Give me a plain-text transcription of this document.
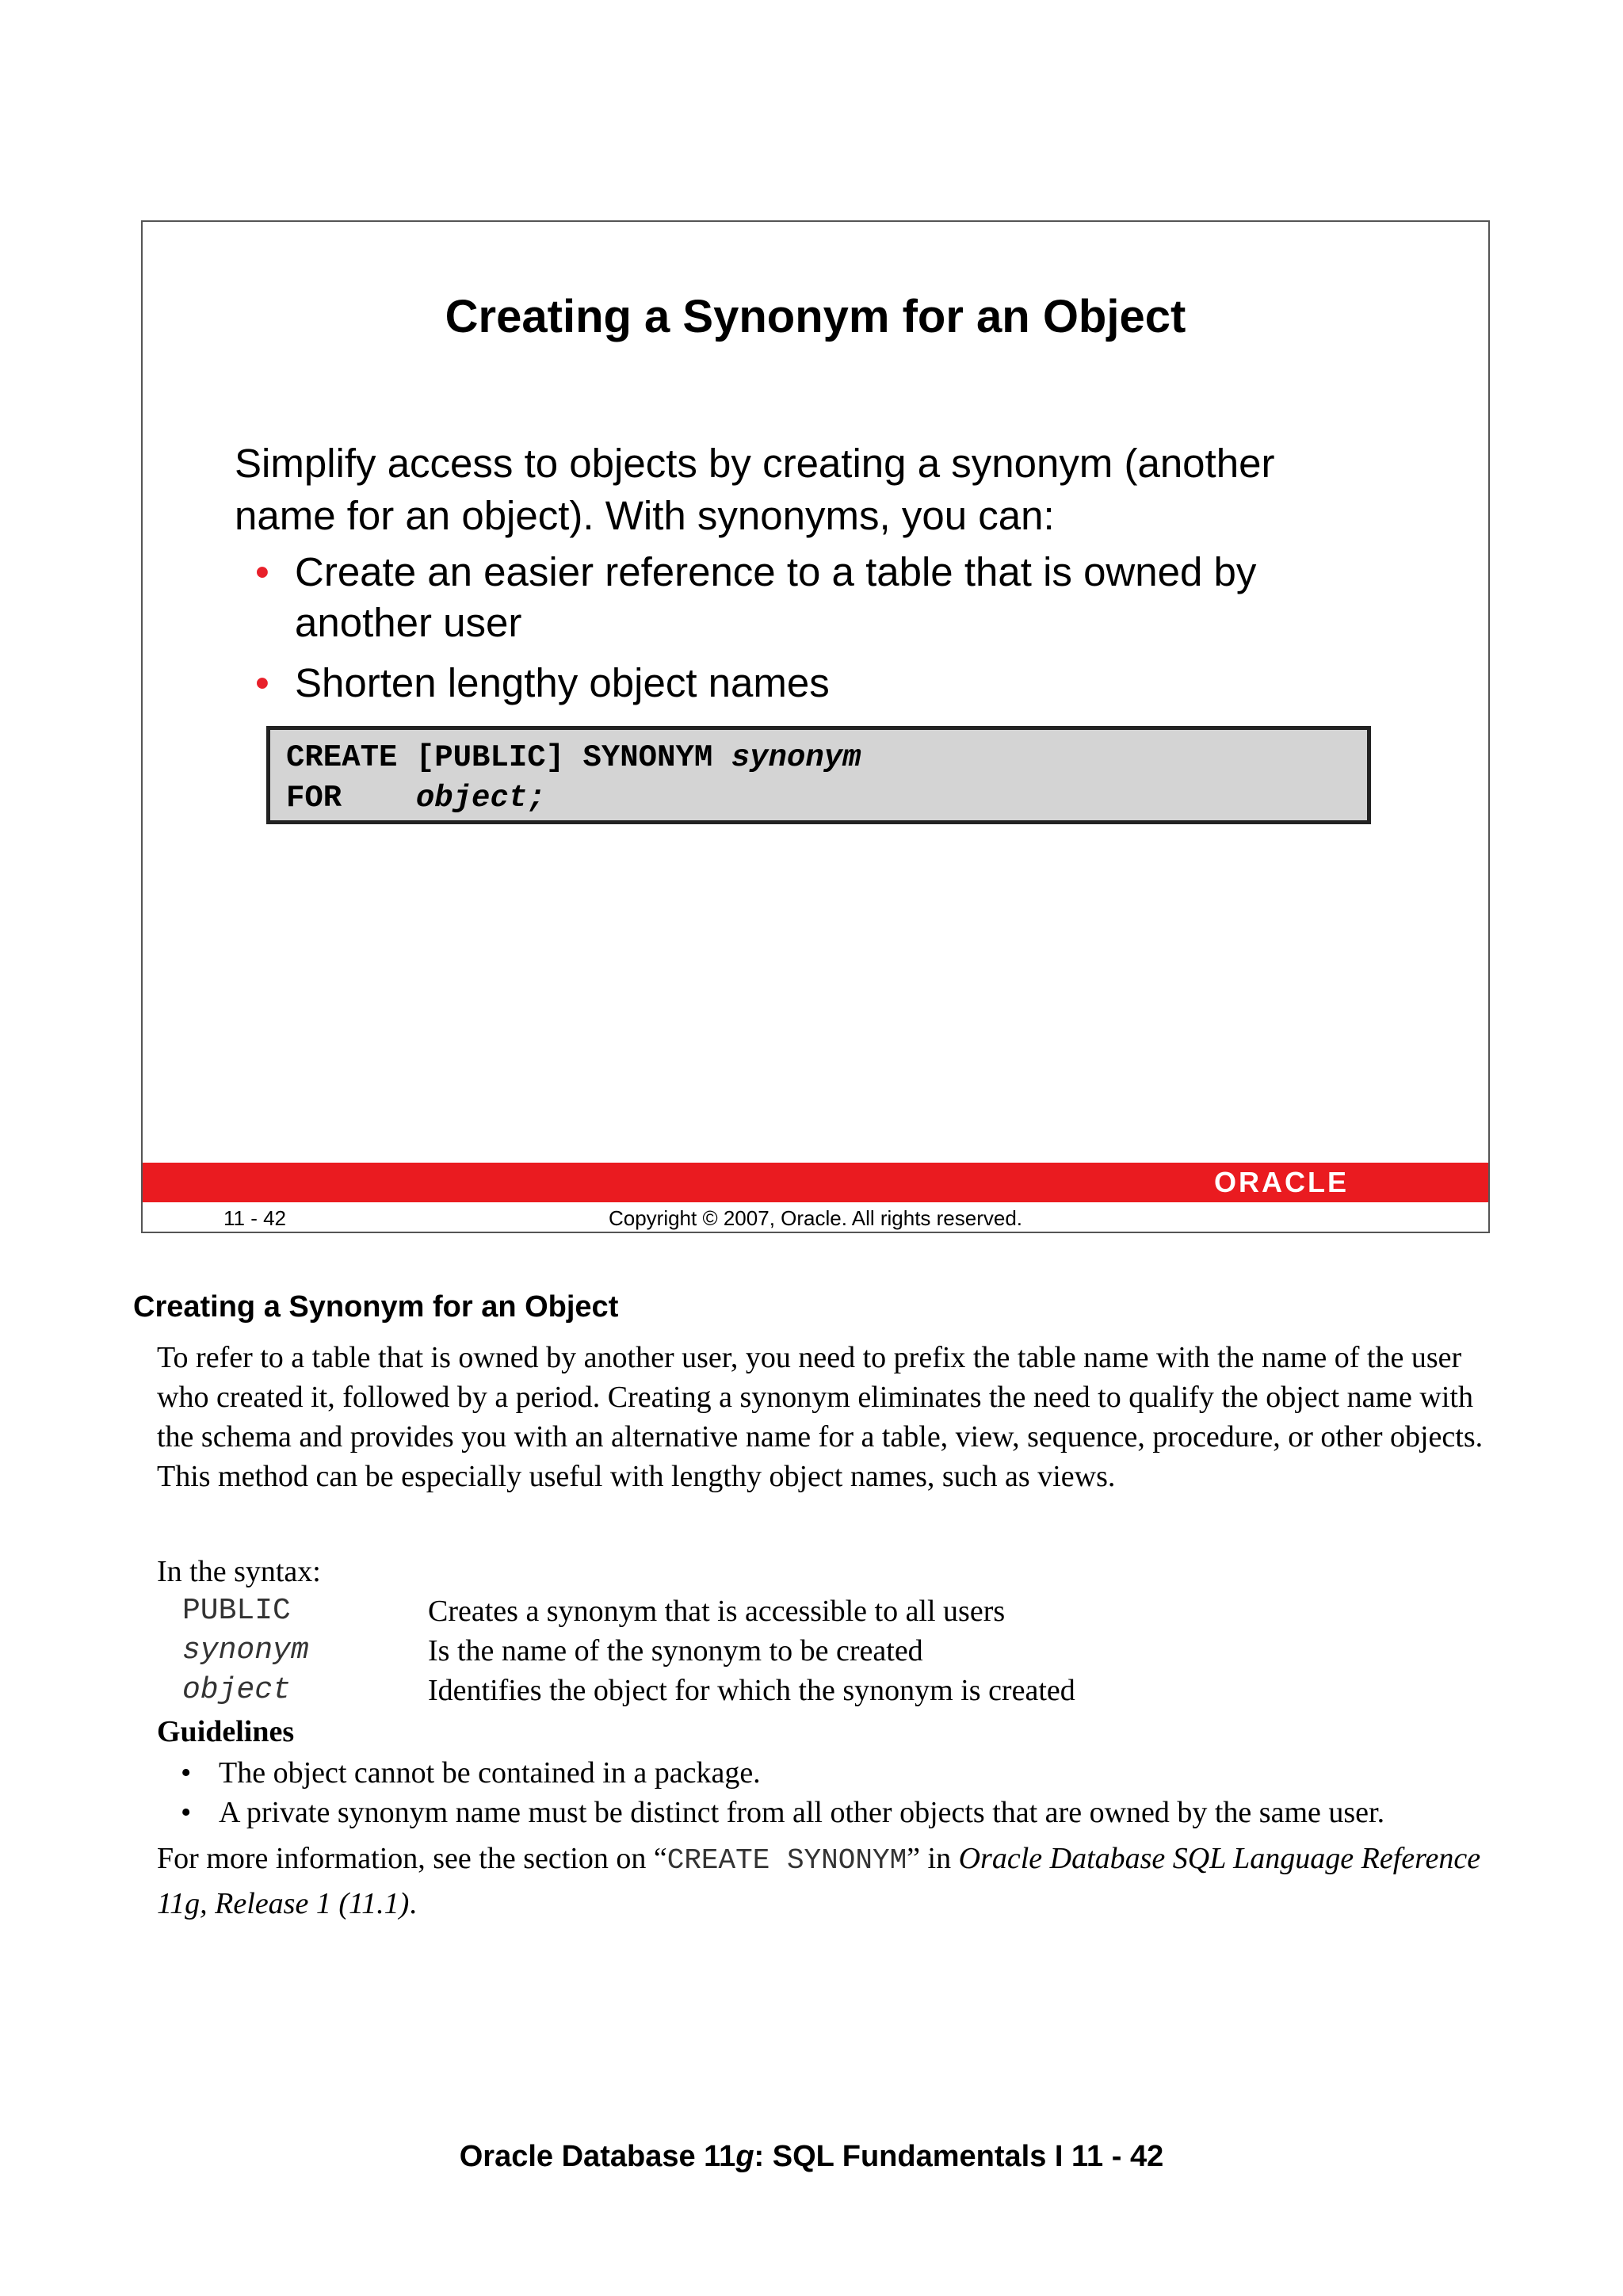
Creating a Synonym for an Object
Simplify access to objects by creating a synonym (another
name for an object). With synonyms, you can:
• Create an easier reference to a table that is owned by
another user
• Shorten lengthy object names
CREATE [PUBLIC] SYNONYM synonym
FOR    object;
ORACLE
11 - 42	Copyright © 2007, Oracle. All rights reserved.
Creating a Synonym for an Object

To refer to a table that is owned by another user, you need to prefix the table name with the name of the user who created it, followed by a period. Creating a synonym eliminates the need to qualify the object name with the schema and provides you with an alternative name for a table, view, sequence, procedure, or other objects. This method can be especially useful with lengthy object names, such as views.

In the syntax:
PUBLIC	Creates a synonym that is accessible to all users
synonym	Is the name of the synonym to be created
object	Identifies the object for which the synonym is created
Guidelines
• The object cannot be contained in a package.
• A private synonym name must be distinct from all other objects that are owned by the same user.

For more information, see the section on “CREATE SYNONYM” in Oracle Database SQL Language Reference 11g, Release 1 (11.1).

Oracle Database 11g: SQL Fundamentals I 11 - 42
